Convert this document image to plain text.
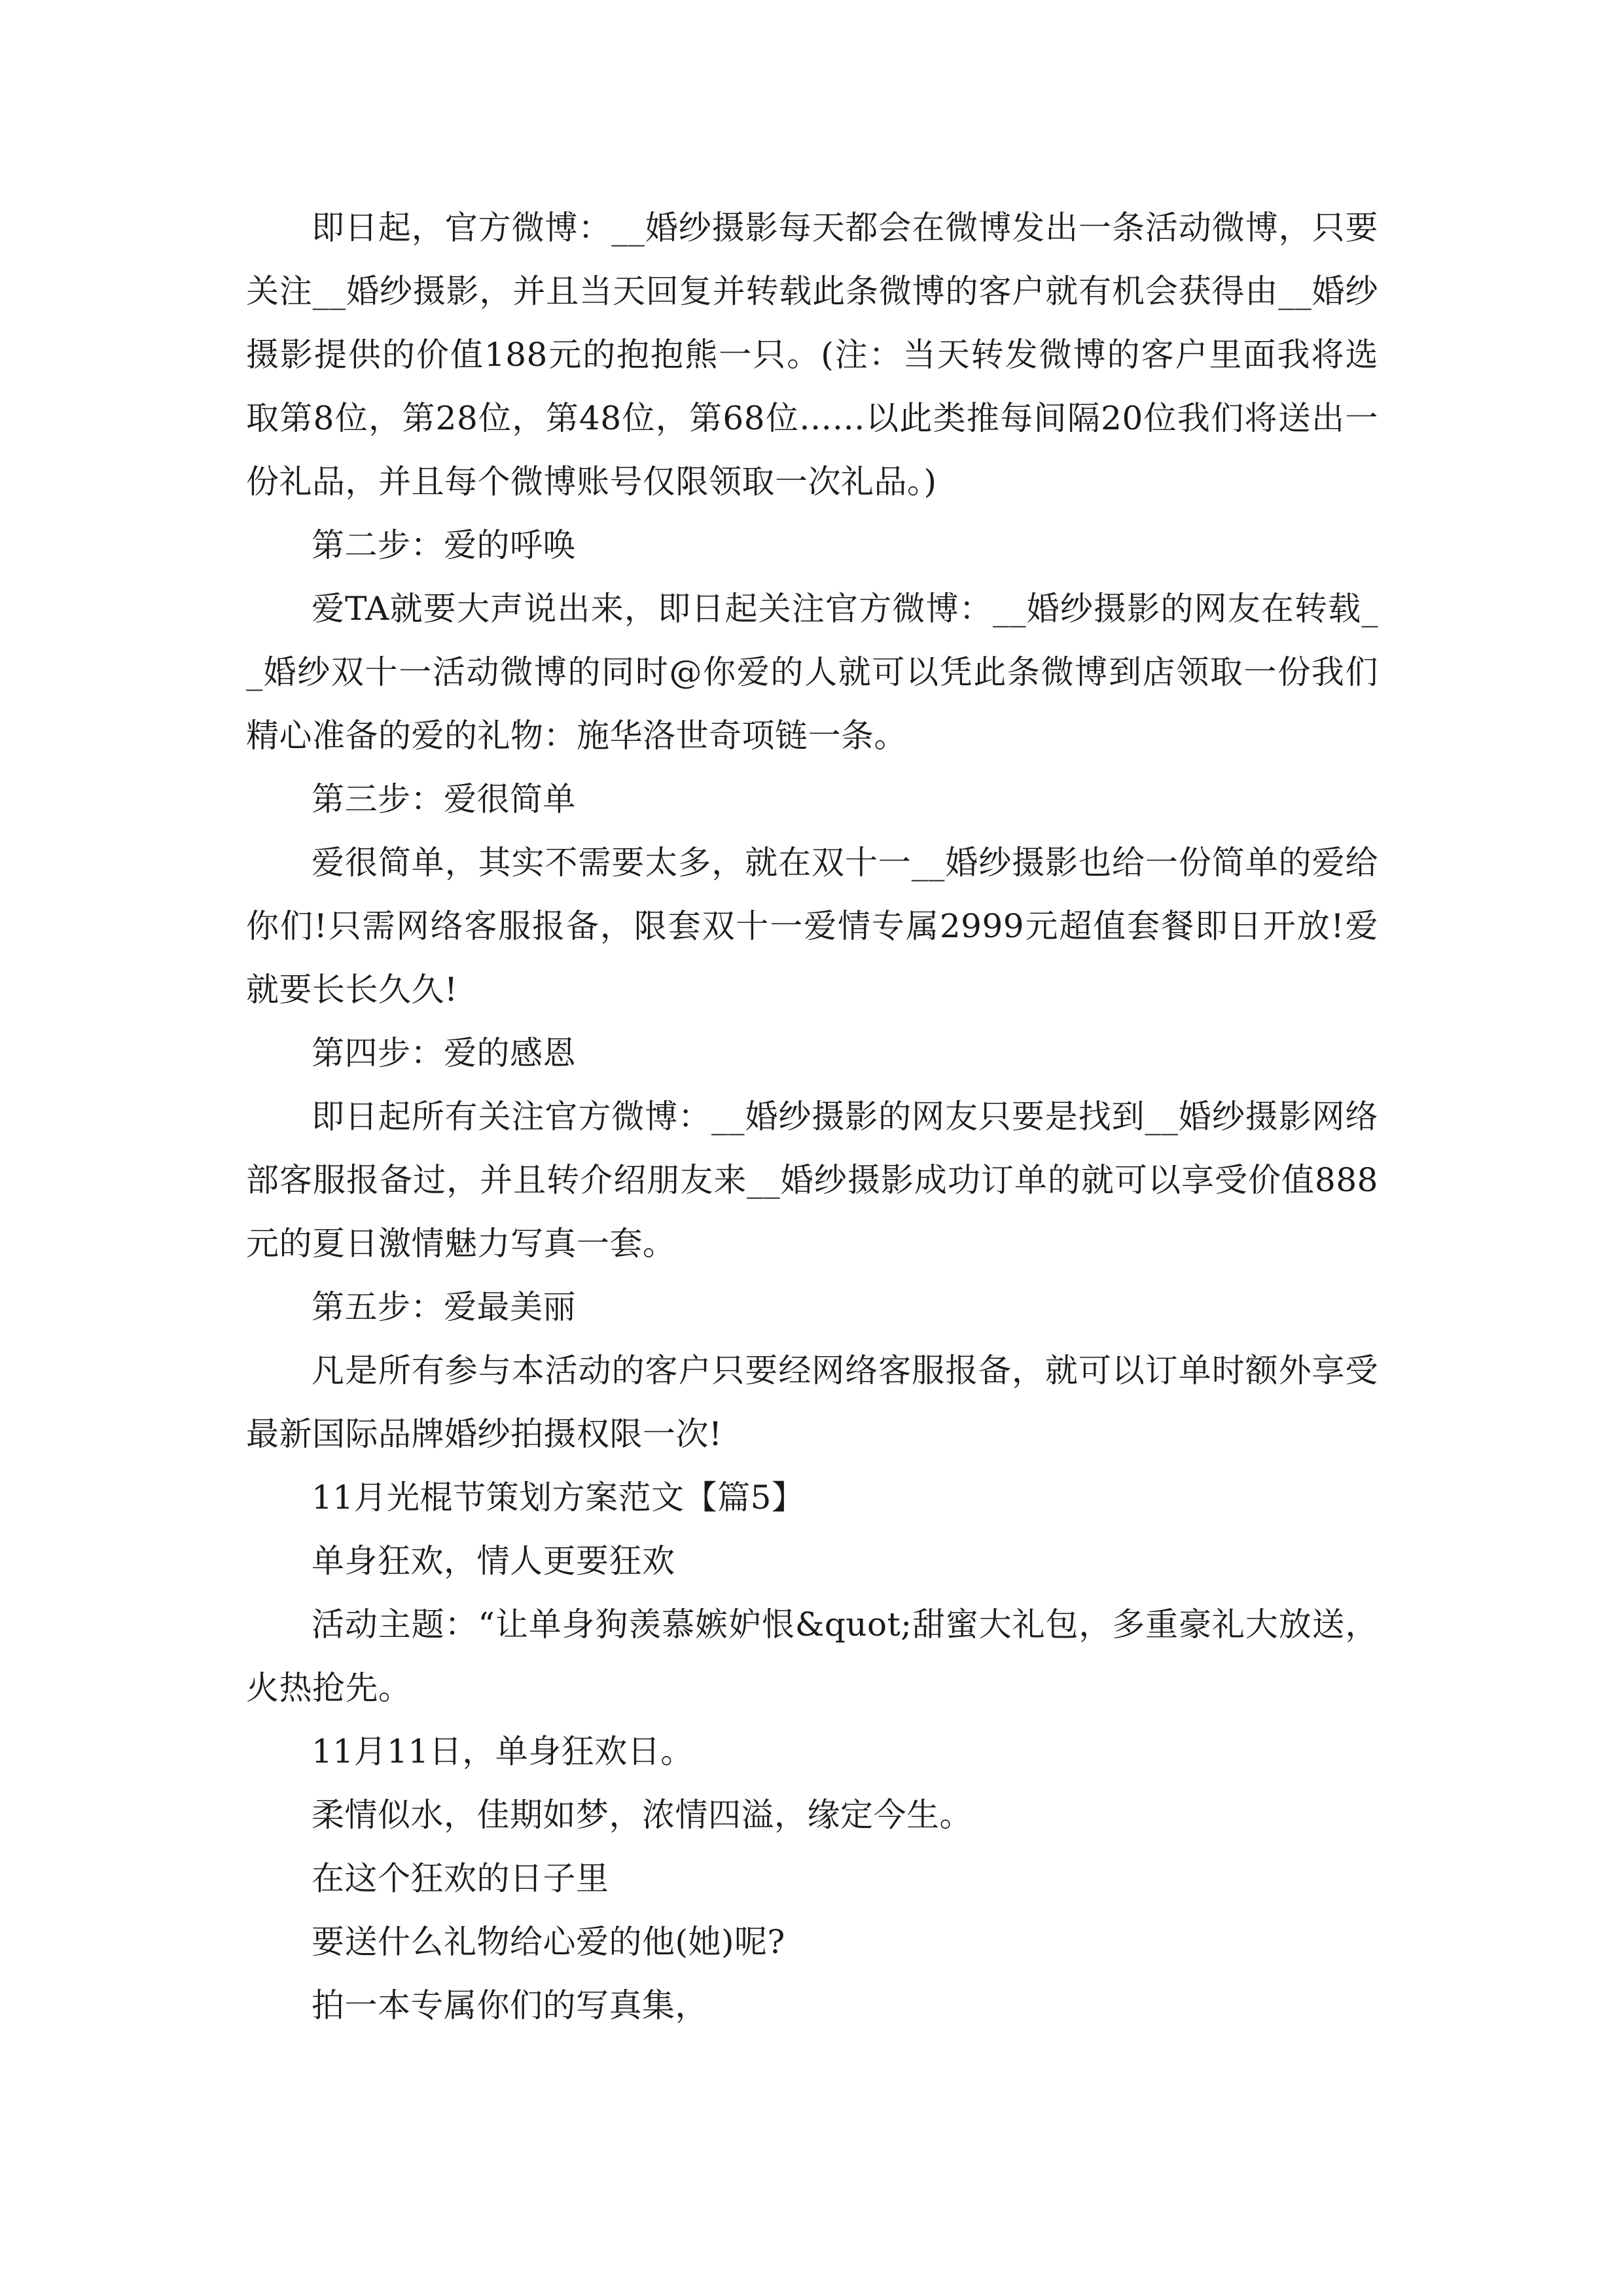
即日起，官方微博：__婚纱摄影每天都会在微博发出一条活动微博，只要关注__婚纱摄影，并且当天回复并转载此条微博的客户就有机会获得由__婚纱摄影提供的价值188元的抱抱熊一只。(注：当天转发微博的客户里面我将选取第8位，第28位，第48位，第68位……以此类推每间隔20位我们将送出一份礼品，并且每个微博账号仅限领取一次礼品。)

第二步：爱的呼唤

爱TA就要大声说出来，即日起关注官方微博：__婚纱摄影的网友在转载__婚纱双十一活动微博的同时@你爱的人就可以凭此条微博到店领取一份我们精心准备的爱的礼物：施华洛世奇项链一条。

第三步：爱很简单

爱很简单，其实不需要太多，就在双十一__婚纱摄影也给一份简单的爱给你们!只需网络客服报备，限套双十一爱情专属2999元超值套餐即日开放!爱就要长长久久!

第四步：爱的感恩

即日起所有关注官方微博：__婚纱摄影的网友只要是找到__婚纱摄影网络部客服报备过，并且转介绍朋友来__婚纱摄影成功订单的就可以享受价值888元的夏日激情魅力写真一套。

第五步：爱最美丽

凡是所有参与本活动的客户只要经网络客服报备，就可以订单时额外享受最新国际品牌婚纱拍摄权限一次!

11月光棍节策划方案范文【篇5】

单身狂欢，情人更要狂欢

活动主题：“让单身狗羡慕嫉妒恨&quot;甜蜜大礼包，多重豪礼大放送，火热抢先。

11月11日，单身狂欢日。

柔情似水，佳期如梦，浓情四溢，缘定今生。

在这个狂欢的日子里

要送什么礼物给心爱的他(她)呢?

拍一本专属你们的写真集，
